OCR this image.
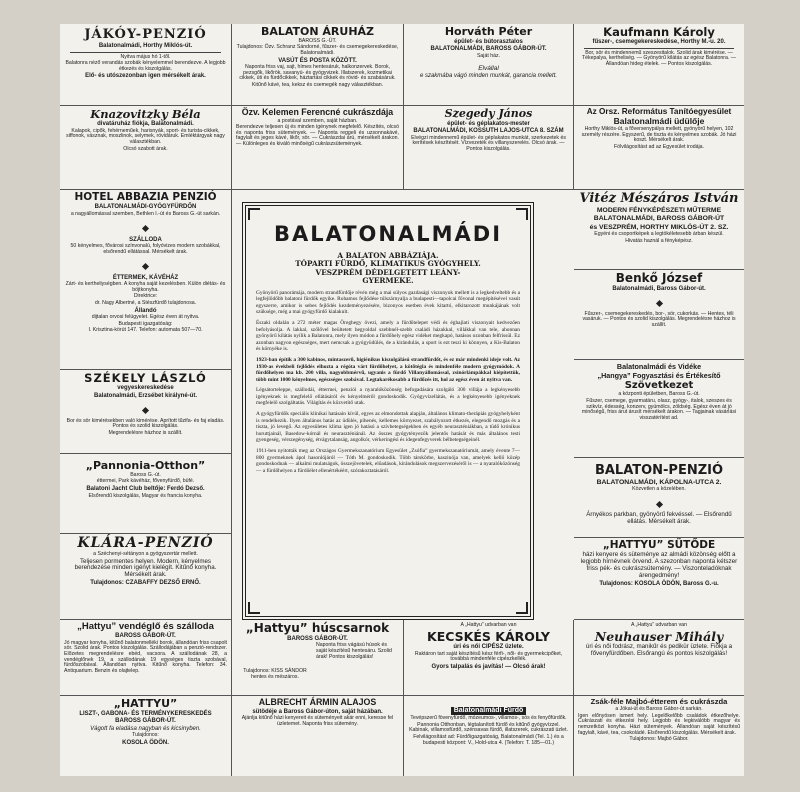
JÁKÓY-PENZIÓ

Balatonalmádi, Horthy Miklós-út.

Nyitva május hó 1-től.

Balatonra néző verandás szobák kényelemmel berendezve. A legjobb étkezés és kiszolgálás.

Elő- és utószezonban igen mérsékelt árak.

BALATON ÁRUHÁZ

BAROSS G.-ÚT.

Tulajdonos: Özv. Schranz Sándorné, fűszer- és csemegekereskedése, Balatonalmádi.

VASÚT ÉS POSTA KÖZÖTT.

Naponta friss vaj, sajt, hímes hentesáruk, halkonzervek. Borok, pezsgők, likőrök, savanyú- és gyógyvizek. Illatszerek, kozmetikai cikkek, úti és fürdőcikkek, háztartási cikkek és rövid- és szabásáruk.

Kitűnő kávé, tea, keksz és csemegék nagy választékban.

Horváth Péter

épület- és bútorasztalos

BALATONALMÁDI, BAROSS GÁBOR-ÚT.

Saját ház.

Elvállal

e szakmába vágó minden munkát, garancia mellett.

Kaufmann Károly

fűszer-, csemegekereskedése, Horthy M.-u. 20.

Bor, sör és mindennemű szeszesitalok. Szolid árak kimérése. — Tékepalya, kertheliség. — Gyönyörű kilátás az egész Balatonra. — Állandóan hideg ételek. — Pontos kiszolgálás.

Knazovitzky Béla

divatáruház fiókja, Balatonalmádi.

Kalapok, cipők, fehérneműek, harisnyák, sport- és turista-cikkek, siffonok, vásznak, moszlinok, selymek, rövidáruk. Emléktárgyak nagy választékban.

Olcsó szabott árak.

Özv. Kelemen Ferencné cukrászdája

a postával szemben, saját házban.

Berendezve teljesen új és minden igénynek megfelelő. Készítés, olcsó és naponta friss sütemények. — Naponta reggeli és uzsonnakávé, fagylalt és jeges kávé, likőr, sör. — Cukrászdai árú, mérsékelt árakon. — Különleges és kiváló minőségű cukrászsütemények.

Szegedy János

épület- és géplakatos-mester

BALATONALMÁDI, KOSSUTH LAJOS-UTCA 8. SZÁM

Elvégzi mindennemű épület- és géplakatos munkát, szerkezetek és kerítések készítését. Vízvezeték és villanyszerelés. Olcsó árak. — Pontos kiszolgálás.

Az Orsz. Református Tanítóegyesület

Balatonalmádi üdülője

Horthy Miklós-út, a főversenypálya mellett, gyönyörű helyen, 102 személy részére. Egyszerű, de tiszta és kényelmes szobák. Jó házi koszt. Mérsékelt árak.

Fölvilágosítást ad az Egyesület irodája.

HOTEL ABBAZIA PENZIÓ

BALATONALMÁDI-GYÓGYFÜRDŐN

a nagyállomással szemben, Bethlen I.-út és Baross G.-út sarkán.

SZÁLLODA

50 kényelmes, fővárosi színvonalú, folyóvizes modern szobákkal, elsőrendű ellátással. Mérsékelt árak.

ÉTTERMEK, KÁVÉHÁZ

Zárt- és kertheliységben. A konyha saját kezelésben. Külön diétás- és böjtkonyha.

Direktrice:

dr. Nagy Albertné, a Stészfürdő tulajdonosa.

Állandó

dijtalan orvosi felügyelet. Egész éven át nyitva.

Budapesti igazgatóság:

I. Krisztina-körút 147. Telefon: automata 507—70.

SZÉKELY LÁSZLÓ

vegyeskereskedése

Balatonalmádi, Erzsébet királyné-út.

Bor és sör kimérésekben való kimérése. Aprított tűzifa- és faj eladás. Pontos és szolid kiszolgálás.

Megrendelésre házhoz is szállít.

„Pannonia-Otthon”

Baross G.-út.

éttermei, Park kávéház, fővenyfürdő, büfé.

Balatoni Jacht Club beltője: Ferdó Dezső.

Elsőrendű kiszolgálás, Magyar és francia konyha.

KLÁRA-PENZIÓ

a Széchenyi-sétányon a gyógyszertár mellett.

Teljesen pormentes helyen. Modern, kényelmes berendezése minden igényt kielégít. Kitűnő konyha. Mérsékelt árak.

Tulajdonos: CZABAFFY DEZSŐ ERNŐ.

BALATONALMÁDI

A BALATON ABBÁZIÁJA.

TÓPARTI FÜRDŐ, KLIMATIKUS GYÓGYHELY.

VESZPRÉM DÉDELGETETT LEÁNY-

GYERMEKE.

Gyönyörű panorámája, modern strandfürdője révén még a mai súlyos gazdasági viszonyok mellett is a legkedveltebb és a legfejlődőbb balatoni fürdők egyike. Rohamos fejlődése túlszárnyalja a budapesti—tapolcai fővonal megépítésével vasút egyszerre, amikor is sebes fejlődés kezdeményezésére, bizonyos esetben évek kitartó, elkitarozott munkájának volt szüksége, még a mai gyógyfürdő kialakult.

Északi oldalán a 272 méter magas Öreghegy övezi, amely a fürdőtelepet védi és éghajlati viszonyait kedvezően befolyásolja. A lakkal, szőlővel beültetett hegyoldal szebbnél-szebb családi házakkal, villákkal van tele, ahonnan gyönyörű kilátás nyílik a Balatonra, mely ilyen módon a fürdőhely egész vidéket megkapó, hatásos ozonban felfrissül. Ez azonban nagyon egészséges, mert nemcsak a gyógyüdülés, de a kirándulás, a sport is ezt teszi ki könnyen, a Kis-Balaton és környéke is.

1923-ban építik a 300 kabinos, mintaszerű, higiénikus kiszolgálású strandfürdőt, és ez már mindenki ideje volt. Az 1930-as évekbeli fejlődés elhozta a régóta várt fürdőhelyet, a kötőtégla és mindenféle modern gyógymódok. A fürdőhelyen ma kb. 200 villa, nagyobbmérvű, ugyanis a fürdő Villanyállomással, zsinórlámpákkal kiépítettük, több mint 1000 kényelmes, egészséges szobával. Legtakarékosabb a fürdőzés itt, hol az egész éven át nyitva van.

Légsátorteleppe, szállodái, éttermei, penziói a nyaralóközönség befogadására szolgáló 300 villája a legkényesebb igényeknek is megfelelő ellátásáról és kényelméről gondoskodik. Gyógyvízellátás, és a legkényesebb igényeknek megfelelő szolgáltatás. Világítás és közvetítő utak.

A gyógyfürdők speciális klinikai hatásain kívül, egyes az elmondottak alapján, általános klimato-therápiás gyógyhelyként is rendelkezik. Ilyen általános hatás az üdülés, pihenés, kellemes környezet, szabályozott étkezés, elegendő mozgás és a tiszta, jó levegő. Az egyesületes klíma igen jó hatású a szívbetegségekben és egyéb neuraszténiákban, a tüdő krónikus huruttjainál, Basedow-kórnál és neuraszténiánál. Az összes gyógytényezők jelentős hatását és más általános testi gyengeség, vérszegénység, étvágytalanság, angolkór, vérkeringési és idegenfegyverek bélbetegségeinél.

1911-ben nyitották meg az Országos Gyermekszanatórium Egyesület „Zsófia” gyermekszanatóriumát, amely évente 7—800 gyermeknek ápol hasonlójáról — Tóth M. gondoskodik. Több társkörbe, kaszinója van, amelyek kellő közép gondoskodnak — alkalmi mulatságok, összejövetelek, előadások, kirándulások megszervezéséről is — a nyaralóközönség — a fürdőhelyen a fürdőélet ellenértékéért, szórakoztatásáról.

Vitéz Mészáros István

MODERN FÉNYKÉPÉSZETI MŰTERME

BALATONALMÁDI, BAROSS GÁBOR-ÚT

és VESZPRÉM, HORTHY MIKLÓS-ÚT 2. SZ.

Egyéni és csoportképek a legtökéletesebb árban készül.

Hivatás haznál a fényképész.

Benkő József

Balatonalmádi, Baross Gábor-út.

Fűszer-, csemegekereskedés, bor-, sör, cukorkás. — Hentes, téli vasáruk. — Pontos és szolid kiszolgálás. Megrendelésre házhoz is szállít.

Balatonalmádi és Vidéke

„Hangya” Fogyasztási és Értékesítő

Szövetkezet

a központi épületben, Baross G.-út.

Fűszer, csemege, gyarmatáru, olasz, gyógy-, italok, szeszes és szikvíz, édesség, konzerv, gyümölcs, zöldség. Egész éven át jó minőségű, friss árut árusít mérsékelt árakon. — Tagjainak vásárlási visszatérítést ad.

BALATON-PENZIÓ

BALATONALMÁDI, KÁPOLNA-UTCA 2.

Közvetlen a közelében.

Árnyékos parkban, gyönyörű fekvéssel. — Elsőrendű ellátás. Mérsékelt árak.

„HATTYU” SÜTŐDE

házi kenyere és süteménye az almádi közönség előtt a legjobb hírnévnek örvend. A szezonban naponta kétszer friss pék- és cukrászsütemény. — Viszonteladóknak árengedmény!

Tulajdonos: KOSOLA ÖDÖN, Baross G.-u.

„Hattyu” vendéglő és szálloda

BAROSS GÁBOR-ÚT.

Jó magyar konyha, kitűnő balatonmelléki borok, állandóan friss csapolt sör. Szolid árak. Pontos kiszolgálás. Szállodájában a penzió-rendszer. Előzetes megrendelésre ebéd, vacsora. A szállodának 28, a vendéglőnek 19, a szállodának 19 egységes tiszta szobával, fürdőszobával. Állandóan nyitva. Kitűnő konyha. Telefon: 34. Antiquarium. Benzin és olajtelep.

„Hattyu” húscsarnok

BAROSS GÁBOR-ÚT.

Naponta friss vágású húsok és saját készítésű hentesáru. Szolid árak! Pontos kiszolgálás!

Tulajdonos: KISS SÁNDOR hentes és mészáros.

A „Hattyu” udvarban van

KECSKÉS KÁROLY

úri és női CIPÉSZ üzlete.

Raktáron tart saját készítésű kész férfi-, női- és gyermekcipőket, továbbá mindenféle cipészkellék.

Gyors talpalás és javítás! — Olcsó árak!

A „Hattyu” udvarban van

Neuhauser Mihály

úri és női fodrász, manikűr és pedikür üzlete. Fiókja a fővenyfürdőben. Elsőrangú és pontos kiszolgálás!

„HATTYU”

LISZT-, GABONA- ÉS TERMÉNYKERESKEDÉS

BAROSS GÁBOR-ÚT.

Vágott fa eladása nagyban és kicsinyben.

Tulajdonos:

KOSOLA ÖDÖN.

ALBRECHT ÁRMIN ALAJOS

sütödéje a Baross Gábor-úton, saját házában.

Ajánlja kitűnő házi kenyereit és süteményeit akár enni, keresse fel üzletemet. Naponta friss sütemény.

Balatonalmádi Fürdő

Tevépszerű fövenyfürdő, mózeumos-, villamos-, sós és fenyőfürdők.

Pannonia Otthonban, légtalanított fürdő és kitűnő gyógyvízzel. Kabinak, villamosfürdő, szénsavas fürdő, illatszerek, cukrászati üzlet.

Felvilágosítást ad: Fürdőigazgatóság, Balatonalmádi (Tel. 1.) és a budapesti központ: V., Hold-utca 4. (Telefon: T. 185—01.)

Zsák-féle Majbó-étterem és cukrászda

a Jókai-út és Baross Gábor-út sarkán.

Igen előnyösen ismert hely. Legelőkelőbb családok étkezőhelye. Cukrászati és étkezési hely. Legjobb és legkiválóbb magyar és nemzetközi konyha. Házi sütemények. Állandóan saját készítésű fagylalt, kávé, tea, csokoládé. Elsőrendű kiszolgálás. Mérsékelt árak.

Tulajdonos: Majbó Gábor.
